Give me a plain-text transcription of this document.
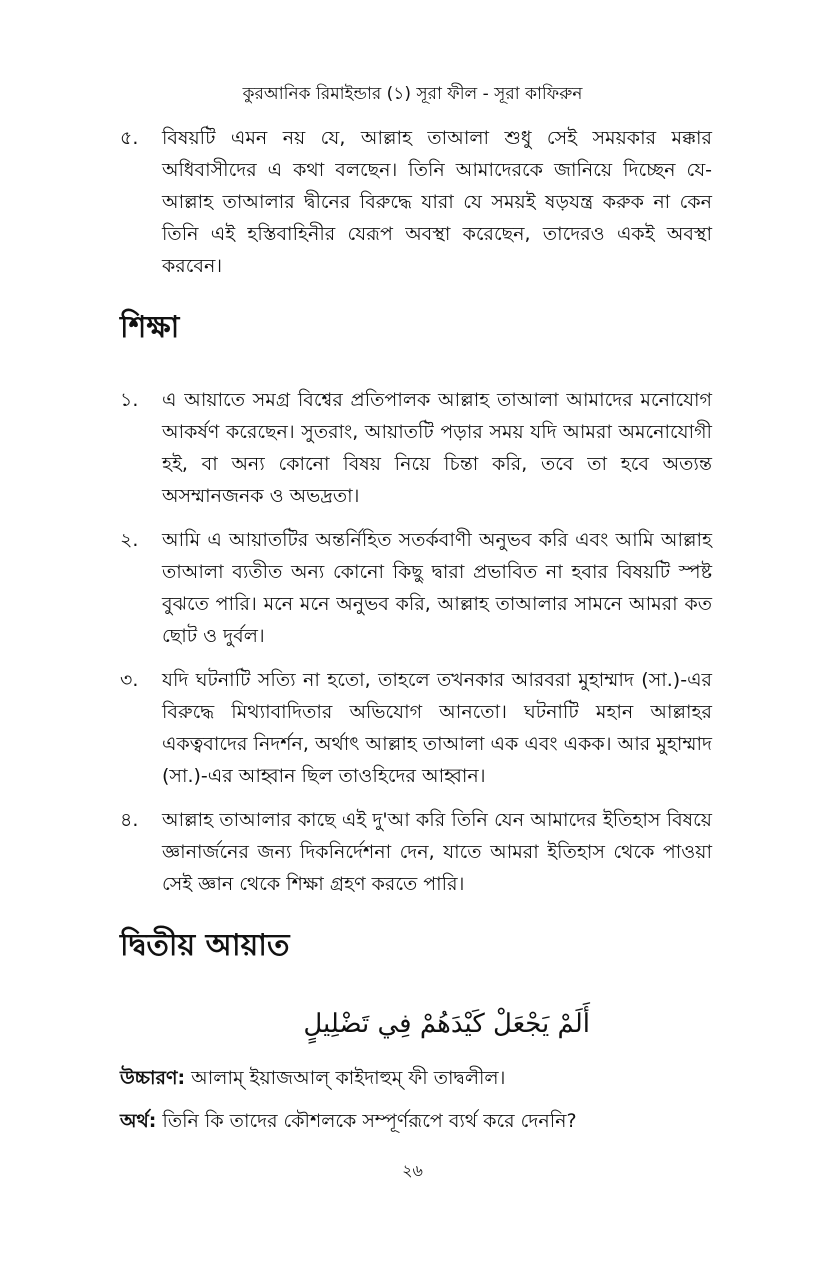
কুরআনিক রিমাইন্ডার (১) সূরা ফীল - সূরা কাফিরুন
৫.	বিষয়টি এমন নয় যে, আল্লাহ তাআলা শুধু সেই সময়কার মক্কার অধিবাসীদের এ কথা বলছেন। তিনি আমাদেরকে জানিয়ে দিচ্ছেন যে- আল্লাহ তাআলার দ্বীনের বিরুদ্ধে যারা যে সময়ই ষড়যন্ত্র করুক না কেন তিনি এই হস্তিবাহিনীর যেরূপ অবস্থা করেছেন, তাদেরও একই অবস্থা করবেন।
শিক্ষা
১.	এ আয়াতে সমগ্র বিশ্বের প্রতিপালক আল্লাহ তাআলা আমাদের মনোযোগ আকর্ষণ করেছেন। সুতরাং, আয়াতটি পড়ার সময় যদি আমরা অমনোযোগী হই, বা অন্য কোনো বিষয় নিয়ে চিন্তা করি, তবে তা হবে অত্যন্ত অসম্মানজনক ও অভদ্রতা।
২.	আমি এ আয়াতটির অন্তর্নিহিত সতর্কবাণী অনুভব করি এবং আমি আল্লাহ তাআলা ব্যতীত অন্য কোনো কিছু দ্বারা প্রভাবিত না হবার বিষয়টি স্পষ্ট বুঝতে পারি। মনে মনে অনুভব করি, আল্লাহ তাআলার সামনে আমরা কত ছোট ও দুর্বল।
৩.	যদি ঘটনাটি সত্যি না হতো, তাহলে তখনকার আরবরা মুহাম্মাদ (সা.)-এর বিরুদ্ধে মিথ্যাবাদিতার অভিযোগ আনতো। ঘটনাটি মহান আল্লাহর একত্ববাদের নিদর্শন, অর্থাৎ আল্লাহ তাআলা এক এবং একক। আর মুহাম্মাদ (সা.)-এর আহ্বান ছিল তাওহিদের আহ্বান।
৪.	আল্লাহ তাআলার কাছে এই দু'আ করি তিনি যেন আমাদের ইতিহাস বিষয়ে জ্ঞানার্জনের জন্য দিকনির্দেশনা দেন, যাতে আমরা ইতিহাস থেকে পাওয়া সেই জ্ঞান থেকে শিক্ষা গ্রহণ করতে পারি।
দ্বিতীয় আয়াত
أَلَمْ يَجْعَلْ كَيْدَهُمْ فِي تَضْلِيلٍ
উচ্চারণ: আলাম্ ইয়াজআল্ কাইদাহুম্ ফী তাদ্বলীল।
অর্থ: তিনি কি তাদের কৌশলকে সম্পূর্ণরূপে ব্যর্থ করে দেননি?
২৬
